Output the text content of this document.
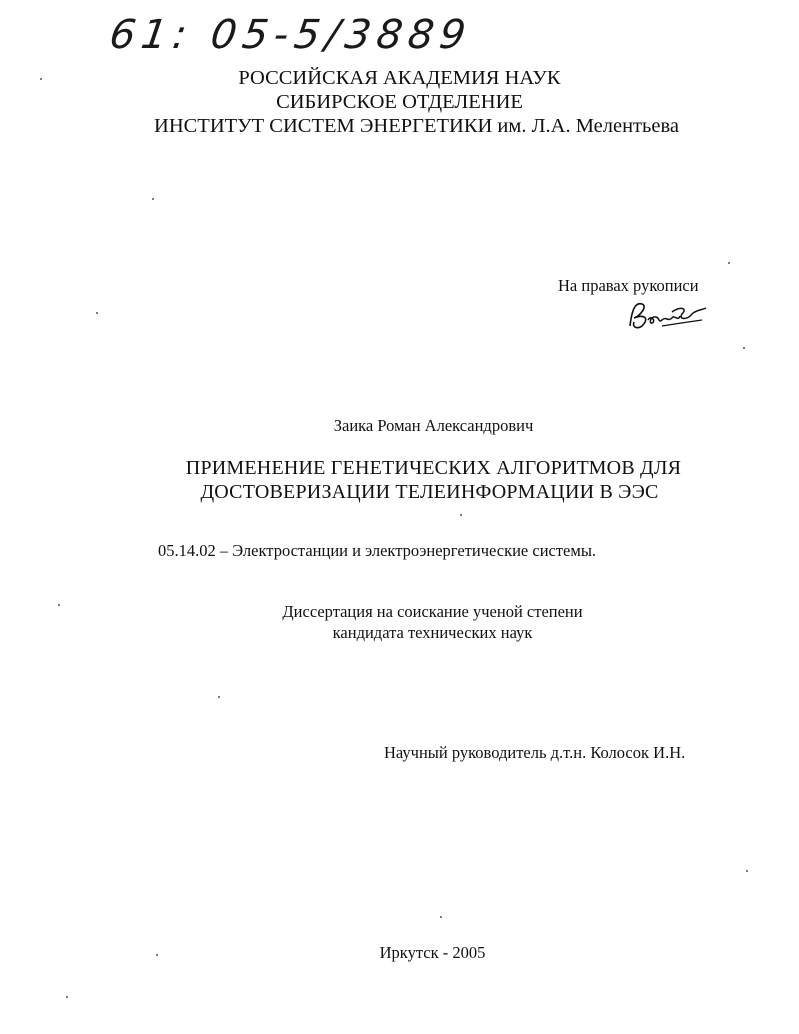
61: 05-5/3889
РОССИЙСКАЯ АКАДЕМИЯ НАУК
СИБИРСКОЕ ОТДЕЛЕНИЕ
ИНСТИТУТ СИСТЕМ ЭНЕРГЕТИКИ им. Л.А. Мелентьева
На правах рукописи
Заика Роман Александрович
ПРИМЕНЕНИЕ ГЕНЕТИЧЕСКИХ АЛГОРИТМОВ ДЛЯ
ДОСТОВЕРИЗАЦИИ ТЕЛЕИНФОРМАЦИИ В ЭЭС
05.14.02 – Электростанции и электроэнергетические системы.
Диссертация на соискание ученой степени
кандидата технических наук
Научный руководитель д.т.н. Колосок И.Н.
Иркутск - 2005
